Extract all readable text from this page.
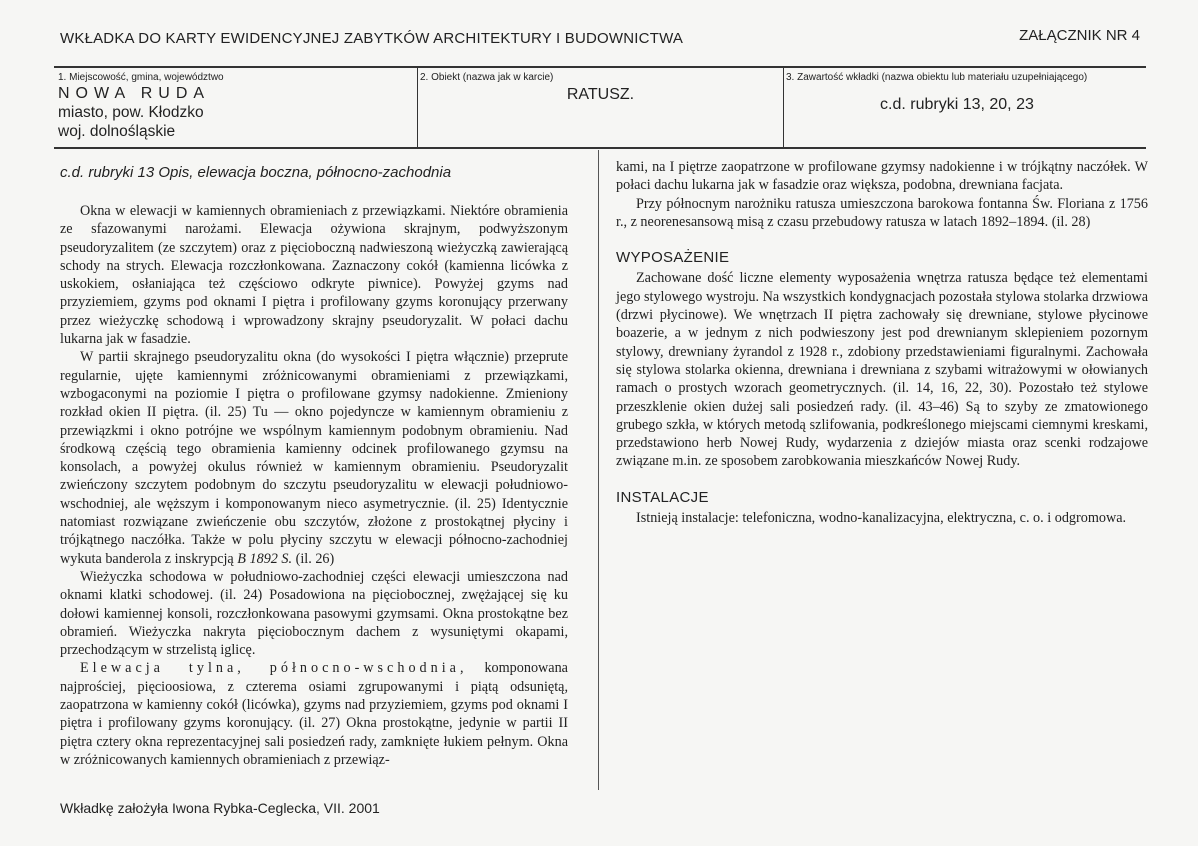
WKŁADKA DO KARTY EWIDENCYJNEJ ZABYTKÓW ARCHITEKTURY I BUDOWNICTWA	ZAŁĄCZNIK NR 4
1. Miejscowość, gmina, województwo
NOWA RUDA
miasto, pow. Kłodzko
woj. dolnośląskie
2. Obiekt (nazwa jak w karcie)
RATUSZ.
3. Zawartość wkładki (nazwa obiektu lub materiału uzupełniającego)
c.d. rubryki 13, 20, 23
c.d. rubryki 13 Opis, elewacja boczna, północno-zachodnia

Okna w elewacji w kamiennych obramieniach z przewiązkami. Niektóre obramienia ze sfazowanymi narożami. Elewacja ożywiona skrajnym, podwyższonym pseudoryzalitem (ze szczytem) oraz z pięcioboczną nadwieszoną wieżyczką zawierającą schody na strych. Elewacja rozczłonkowana. Zaznaczony cokół (kamienna licówka z uskokiem, osłaniająca też częściowo odkryte piwnice). Powyżej gzyms nad przyziemiem, gzyms pod oknami I piętra i profilowany gzyms koronujący przerwany przez wieżyczkę schodową i wprowadzony skrajny pseudoryzalit. W połaci dachu lukarna jak w fasadzie.

W partii skrajnego pseudoryzalitu okna (do wysokości I piętra włącznie) przeprute regularnie, ujęte kamiennymi zróżnicowanymi obramieniami z przewiązkami, wzbogaconymi na poziomie I piętra o profilowane gzymsy nadokienne. Zmieniony rozkład okien II piętra. (il. 25) Tu — okno pojedyncze w kamiennym obramieniu z przewiązkmi i okno potrójne we wspólnym kamiennym podobnym obramieniu. Nad środkową częścią tego obramienia kamienny odcinek profilowanego gzymsu na konsolach, a powyżej okulus również w kamiennym obramieniu. Pseudoryzalit zwieńczony szczytem podobnym do szczytu pseudoryzalitu w elewacji południowo-wschodniej, ale węższym i komponowanym nieco asymetrycznie. (il. 25) Identycznie natomiast rozwiązane zwieńczenie obu szczytów, złożone z prostokątnej płyciny i trójkątnego naczółka. Także w polu płyciny szczytu w elewacji północno-zachodniej wykuta banderola z inskrypcją B 1892 S. (il. 26)

Wieżyczka schodowa w południowo-zachodniej części elewacji umieszczona nad oknami klatki schodowej. (il. 24) Posadowiona na pięciobocznej, zwężającej się ku dołowi kamiennej konsoli, rozczłonkowana pasowymi gzymsami. Okna prostokątne bez obramień. Wieżyczka nakryta pięciobocznym dachem z wysuniętymi okapami, przechodzącym w strzelistą iglicę.

Elewacja tylna, północno-wschodnia, komponowana najprościej, pięcioosiowa, z czterema osiami zgrupowanymi i piątą odsuniętą, zaopatrzona w kamienny cokół (licówka), gzyms nad przyziemiem, gzyms pod oknami I piętra i profilowany gzyms koronujący. (il. 27) Okna prostokątne, jedynie w partii II piętra cztery okna reprezentacyjnej sali posiedzeń rady, zamknięte łukiem pełnym. Okna w zróżnicowanych kamiennych obramieniach z przewiąz-

kami, na I piętrze zaopatrzone w profilowane gzymsy nadokienne i w trójkątny naczółek. W połaci dachu lukarna jak w fasadzie oraz większa, podobna, drewniana facjata.

Przy północnym narożniku ratusza umieszczona barokowa fontanna Św. Floriana z 1756 r., z neorenesansową misą z czasu przebudowy ratusza w latach 1892–1894. (il. 28)

WYPOSAŻENIE

Zachowane dość liczne elementy wyposażenia wnętrza ratusza będące też elementami jego stylowego wystroju. Na wszystkich kondygnacjach pozostała stylowa stolarka drzwiowa (drzwi płycinowe). We wnętrzach II piętra zachowały się drewniane, stylowe płycinowe boazerie, a w jednym z nich podwieszony jest pod drewnianym sklepieniem pozornym stylowy, drewniany żyrandol z 1928 r., zdobiony przedstawieniami figuralnymi. Zachowała się stylowa stolarka okienna, drewniana i drewniana z szybami witrażowymi w ołowianych ramach o prostych wzorach geometrycznych. (il. 14, 16, 22, 30). Pozostało też stylowe przeszklenie okien dużej sali posiedzeń rady. (il. 43–46) Są to szyby ze zmatowionego grubego szkła, w których metodą szlifowania, podkreślonego miejscami ciemnymi kreskami, przedstawiono herb Nowej Rudy, wydarzenia z dziejów miasta oraz scenki rodzajowe związane m.in. ze sposobem zarobkowania mieszkańców Nowej Rudy.

INSTALACJE

Istnieją instalacje: telefoniczna, wodno-kanalizacyjna, elektryczna, c. o. i odgromowa.

Wkładkę założyła Iwona Rybka-Ceglecka, VII. 2001
